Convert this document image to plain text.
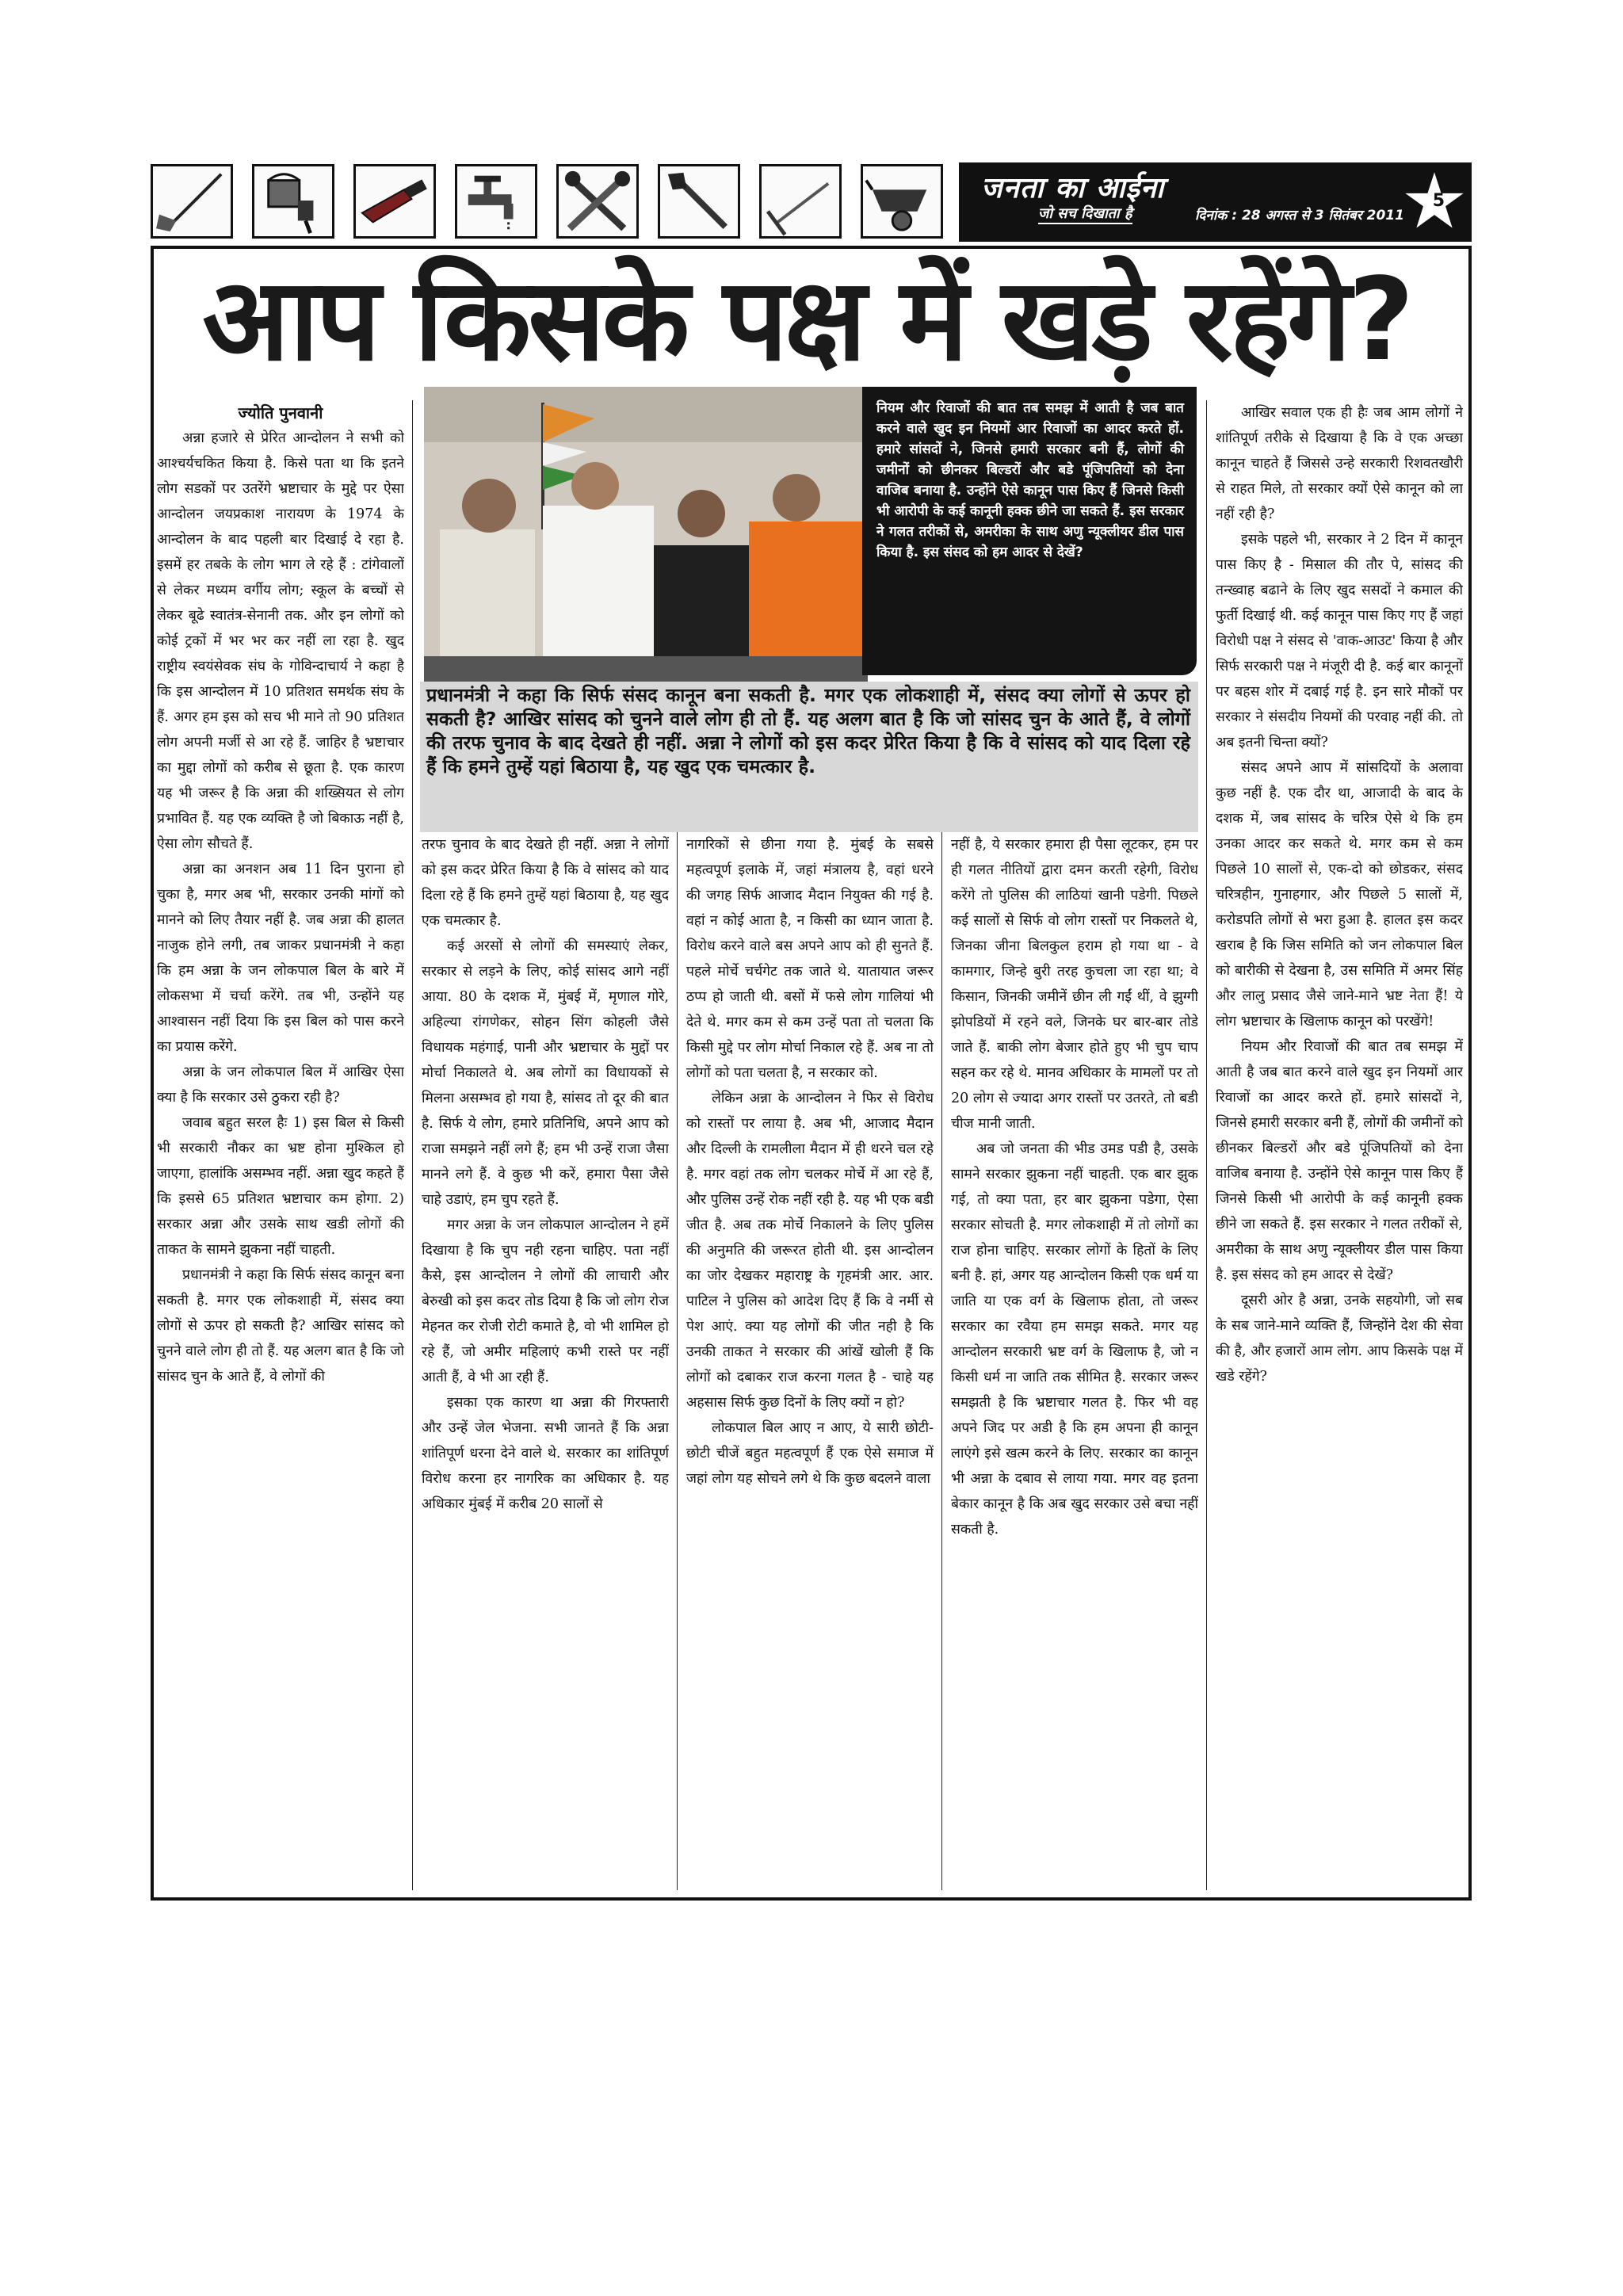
जनता का आईना
जो सच दिखाता है	दिनांक : 28 अगस्त से 3 सितंबर 2011
5
आप किसके पक्ष में खड़े रहेंगे?

ज्योति पुनवानी

अन्ना हजारे से प्रेरित आन्दोलन ने सभी को आश्चर्यचकित किया है. किसे पता था कि इतने लोग सडकों पर उतरेंगे भ्रष्टाचार के मुद्दे पर ऐसा आन्दोलन जयप्रकाश नारायण के 1974 के आन्दोलन के बाद पहली बार दिखाई दे रहा है. इसमें हर तबके के लोग भाग ले रहे हैं : टांगेवालों से लेकर मध्यम वर्गीय लोग; स्कूल के बच्चों से लेकर बूढे स्वातंत्र-सेनानी तक. और इन लोगों को कोई ट्रकों में भर भर कर नहीं ला रहा है. खुद राष्ट्रीय स्वयंसेवक संघ के गोविन्दाचार्य ने कहा है कि इस आन्दोलन में 10 प्रतिशत समर्थक संघ के हैं. अगर हम इस को सच भी माने तो 90 प्रतिशत लोग अपनी मर्जी से आ रहे हैं. जाहिर है भ्रष्टाचार का मुद्दा लोगों को करीब से छूता है. एक कारण यह भी जरूर है कि अन्ना की शख्सियत से लोग प्रभावित हैं. यह एक व्यक्ति है जो बिकाऊ नहीं है, ऐसा लोग सौचते हैं.

अन्ना का अनशन अब 11 दिन पुराना हो चुका है, मगर अब भी, सरकार उनकी मांगों को मानने को लिए तैयार नहीं है. जब अन्ना की हालत नाजुक होने लगी, तब जाकर प्रधानमंत्री ने कहा कि हम अन्ना के जन लोकपाल बिल के बारे में लोकसभा में चर्चा करेंगे. तब भी, उन्होंने यह आश्वासन नहीं दिया कि इस बिल को पास करने का प्रयास करेंगे.

अन्ना के जन लोकपाल बिल में आखिर ऐसा क्या है कि सरकार उसे ठुकरा रही है?

जवाब बहुत सरल हैः 1) इस बिल से किसी भी सरकारी नौकर का भ्रष्ट होना मुश्किल हो जाएगा, हालांकि असम्भव नहीं. अन्ना खुद कहते हैं कि इससे 65 प्रतिशत भ्रष्टाचार कम होगा. 2) सरकार अन्ना और उसके साथ खडी लोगों की ताकत के सामने झुकना नहीं चाहती.

प्रधानमंत्री ने कहा कि सिर्फ संसद कानून बना सकती है. मगर एक लोकशाही में, संसद क्या लोगों से ऊपर हो सकती है? आखिर सांसद को चुनने वाले लोग ही तो हैं. यह अलग बात है कि जो सांसद चुन के आते हैं, वे लोगों की

नियम और रिवाजों की बात तब समझ में आती है जब बात करने वाले खुद इन नियमों आर रिवाजों का आदर करते हों. हमारे सांसदों ने, जिनसे हमारी सरकार बनी हैं, लोगों की जमीनों को छीनकर बिल्डरों और बडे पूंजिपतियों को देना वाजिब बनाया है. उन्होंने ऐसे कानून पास किए हैं जिनसे किसी भी आरोपी के कई कानूनी हक्क छीने जा सकते हैं. इस सरकार ने गलत तरीकों से, अमरीका के साथ अणु न्यूक्लीयर डील पास किया है. इस संसद को हम आदर से देखें?
प्रधानमंत्री ने कहा कि सिर्फ संसद कानून बना सकती है. मगर एक लोकशाही में, संसद क्या लोगों से ऊपर हो सकती है? आखिर सांसद को चुनने वाले लोग ही तो हैं. यह अलग बात है कि जो सांसद चुन के आते हैं, वे लोगों की तरफ चुनाव के बाद देखते ही नहीं. अन्ना ने लोगों को इस कदर प्रेरित किया है कि वे सांसद को याद दिला रहे हैं कि हमने तुम्हें यहां बिठाया है, यह खुद एक चमत्कार है.

तरफ चुनाव के बाद देखते ही नहीं. अन्ना ने लोगों को इस कदर प्रेरित किया है कि वे सांसद को याद दिला रहे हैं कि हमने तुम्हें यहां बिठाया है, यह खुद एक चमत्कार है.

कई अरसों से लोगों की समस्याएं लेकर, सरकार से लड़ने के लिए, कोई सांसद आगे नहीं आया. 80 के दशक में, मुंबई में, मृणाल गोरे, अहिल्या रांगणेकर, सोहन सिंग कोहली जैसे विधायक महंगाई, पानी और भ्रष्टाचार के मुद्दों पर मोर्चा निकालते थे. अब लोगों का विधायकों से मिलना असम्भव हो गया है, सांसद तो दूर की बात है. सिर्फ ये लोग, हमारे प्रतिनिधि, अपने आप को राजा समझने नहीं लगे हैं; हम भी उन्हें राजा जैसा मानने लगे हैं. वे कुछ भी करें, हमारा पैसा जैसे चाहे उडाएं, हम चुप रहते हैं.

मगर अन्ना के जन लोकपाल आन्दोलन ने हमें दिखाया है कि चुप नही रहना चाहिए. पता नहीं कैसे, इस आन्दोलन ने लोगों की लाचारी और बेरुखी को इस कदर तोड दिया है कि जो लोग रोज मेहनत कर रोजी रोटी कमाते है, वो भी शामिल हो रहे हैं, जो अमीर महिलाएं कभी रास्ते पर नहीं आती हैं, वे भी आ रही हैं.

इसका एक कारण था अन्ना की गिरफ्तारी और उन्हें जेल भेजना. सभी जानते हैं कि अन्ना शांतिपूर्ण धरना देने वाले थे. सरकार का शांतिपूर्ण विरोध करना हर नागरिक का अधिकार है. यह अधिकार मुंबई में करीब 20 सालों से

नागरिकों से छीना गया है. मुंबई के सबसे महत्वपूर्ण इलाके में, जहां मंत्रालय है, वहां धरने की जगह सिर्फ आजाद मैदान नियुक्त की गई है. वहां न कोई आता है, न किसी का ध्यान जाता है. विरोध करने वाले बस अपने आप को ही सुनते हैं. पहले मोर्चे चर्चगेट तक जाते थे. यातायात जरूर ठप्प हो जाती थी. बसों में फसे लोग गालियां भी देते थे. मगर कम से कम उन्हें पता तो चलता कि किसी मुद्दे पर लोग मोर्चा निकाल रहे हैं. अब ना तो लोगों को पता चलता है, न सरकार को.

लेकिन अन्ना के आन्दोलन ने फिर से विरोध को रास्तों पर लाया है. अब भी, आजाद मैदान और दिल्ली के रामलीला मैदान में ही धरने चल रहे है. मगर वहां तक लोग चलकर मोर्चे में आ रहे हैं, और पुलिस उन्हें रोक नहीं रही है. यह भी एक बडी जीत है. अब तक मोर्चे निकालने के लिए पुलिस की अनुमति की जरूरत होती थी. इस आन्दोलन का जोर देखकर महाराष्ट्र के गृहमंत्री आर. आर. पाटिल ने पुलिस को आदेश दिए हैं कि वे नर्मी से पेश आएं. क्या यह लोगों की जीत नही है कि उनकी ताकत ने सरकार की आंखें खोली हैं कि लोगों को दबाकर राज करना गलत है - चाहे यह अहसास सिर्फ कुछ दिनों के लिए क्यों न हो?

लोकपाल बिल आए न आए, ये सारी छोटी-छोटी चीजें बहुत महत्वपूर्ण हैं एक ऐसे समाज में जहां लोग यह सोचने लगे थे कि कुछ बदलने वाला

नहीं है, ये सरकार हमारा ही पैसा लूटकर, हम पर ही गलत नीतियों द्वारा दमन करती रहेगी, विरोध करेंगे तो पुलिस की लाठियां खानी पडेगी. पिछले कई सालों से सिर्फ वो लोग रास्तों पर निकलते थे, जिनका जीना बिलकुल हराम हो गया था - वे कामगार, जिन्हे बुरी तरह कुचला जा रहा था; वे किसान, जिनकी जमीनें छीन ली गईं थीं, वे झुग्गी झोपडियों में रहने वले, जिनके घर बार-बार तोडे जाते हैं. बाकी लोग बेजार होते हुए भी चुप चाप सहन कर रहे थे. मानव अधिकार के मामलों पर तो 20 लोग से ज्यादा अगर रास्तों पर उतरते, तो बडी चीज मानी जाती.

अब जो जनता की भीड उमड पडी है, उसके सामने सरकार झुकना नहीं चाहती. एक बार झुक गई, तो क्या पता, हर बार झुकना पडेगा, ऐसा सरकार सोचती है. मगर लोकशाही में तो लोगों का राज होना चाहिए. सरकार लोगों के हितों के लिए बनी है. हां, अगर यह आन्दोलन किसी एक धर्म या जाति या एक वर्ग के खिलाफ होता, तो जरूर सरकार का रवैया हम समझ सकते. मगर यह आन्दोलन सरकारी भ्रष्ट वर्ग के खिलाफ है, जो न किसी धर्म ना जाति तक सीमित है. सरकार जरूर समझती है कि भ्रष्टाचार गलत है. फिर भी वह अपने जिद पर अडी है कि हम अपना ही कानून लाएंगे इसे खत्म करने के लिए. सरकार का कानून भी अन्ना के दबाव से लाया गया. मगर वह इतना बेकार कानून है कि अब खुद सरकार उसे बचा नहीं सकती है.

आखिर सवाल एक ही हैः जब आम लोगों ने शांतिपूर्ण तरीके से दिखाया है कि वे एक अच्छा कानून चाहते हैं जिससे उन्हे सरकारी रिशवतखौरी से राहत मिले, तो सरकार क्यों ऐसे कानून को ला नहीं रही है?

इसके पहले भी, सरकार ने 2 दिन में कानून पास किए है - मिसाल की तौर पे, सांसद की तन्ख्वाह बढाने के लिए खुद ससदों ने कमाल की फुर्ती दिखाई थी. कई कानून पास किए गए हैं जहां विरोधी पक्ष ने संसद से 'वाक-आउट' किया है और सिर्फ सरकारी पक्ष ने मंजूरी दी है. कई बार कानूनों पर बहस शोर में दबाई गई है. इन सारे मौकों पर सरकार ने संसदीय नियमों की परवाह नहीं की. तो अब इतनी चिन्ता क्यों?

संसद अपने आप में सांसदियों के अलावा कुछ नहीं है. एक दौर था, आजादी के बाद के दशक में, जब सांसद के चरित्र ऐसे थे कि हम उनका आदर कर सकते थे. मगर कम से कम पिछले 10 सालों से, एक-दो को छोडकर, संसद चरित्रहीन, गुनाहगार, और पिछले 5 सालों में, करोडपति लोगों से भरा हुआ है. हालत इस कदर खराब है कि जिस समिति को जन लोकपाल बिल को बारीकी से देखना है, उस समिति में अमर सिंह और लालु प्रसाद जैसे जाने-माने भ्रष्ट नेता हैं! ये लोग भ्रष्टाचार के खिलाफ कानून को परखेंगे!

नियम और रिवाजों की बात तब समझ में आती है जब बात करने वाले खुद इन नियमों आर रिवाजों का आदर करते हों. हमारे सांसदों ने, जिनसे हमारी सरकार बनी हैं, लोगों की जमीनों को छीनकर बिल्डरों और बडे पूंजिपतियों को देना वाजिब बनाया है. उन्होंने ऐसे कानून पास किए हैं जिनसे किसी भी आरोपी के कई कानूनी हक्क छीने जा सकते हैं. इस सरकार ने गलत तरीकों से, अमरीका के साथ अणु न्यूक्लीयर डील पास किया है. इस संसद को हम आदर से देखें?

दूसरी ओर है अन्ना, उनके सहयोगी, जो सब के सब जाने-माने व्यक्ति हैं, जिन्होंने देश की सेवा की है, और हजारों आम लोग. आप किसके पक्ष में खडे रहेंगे?
